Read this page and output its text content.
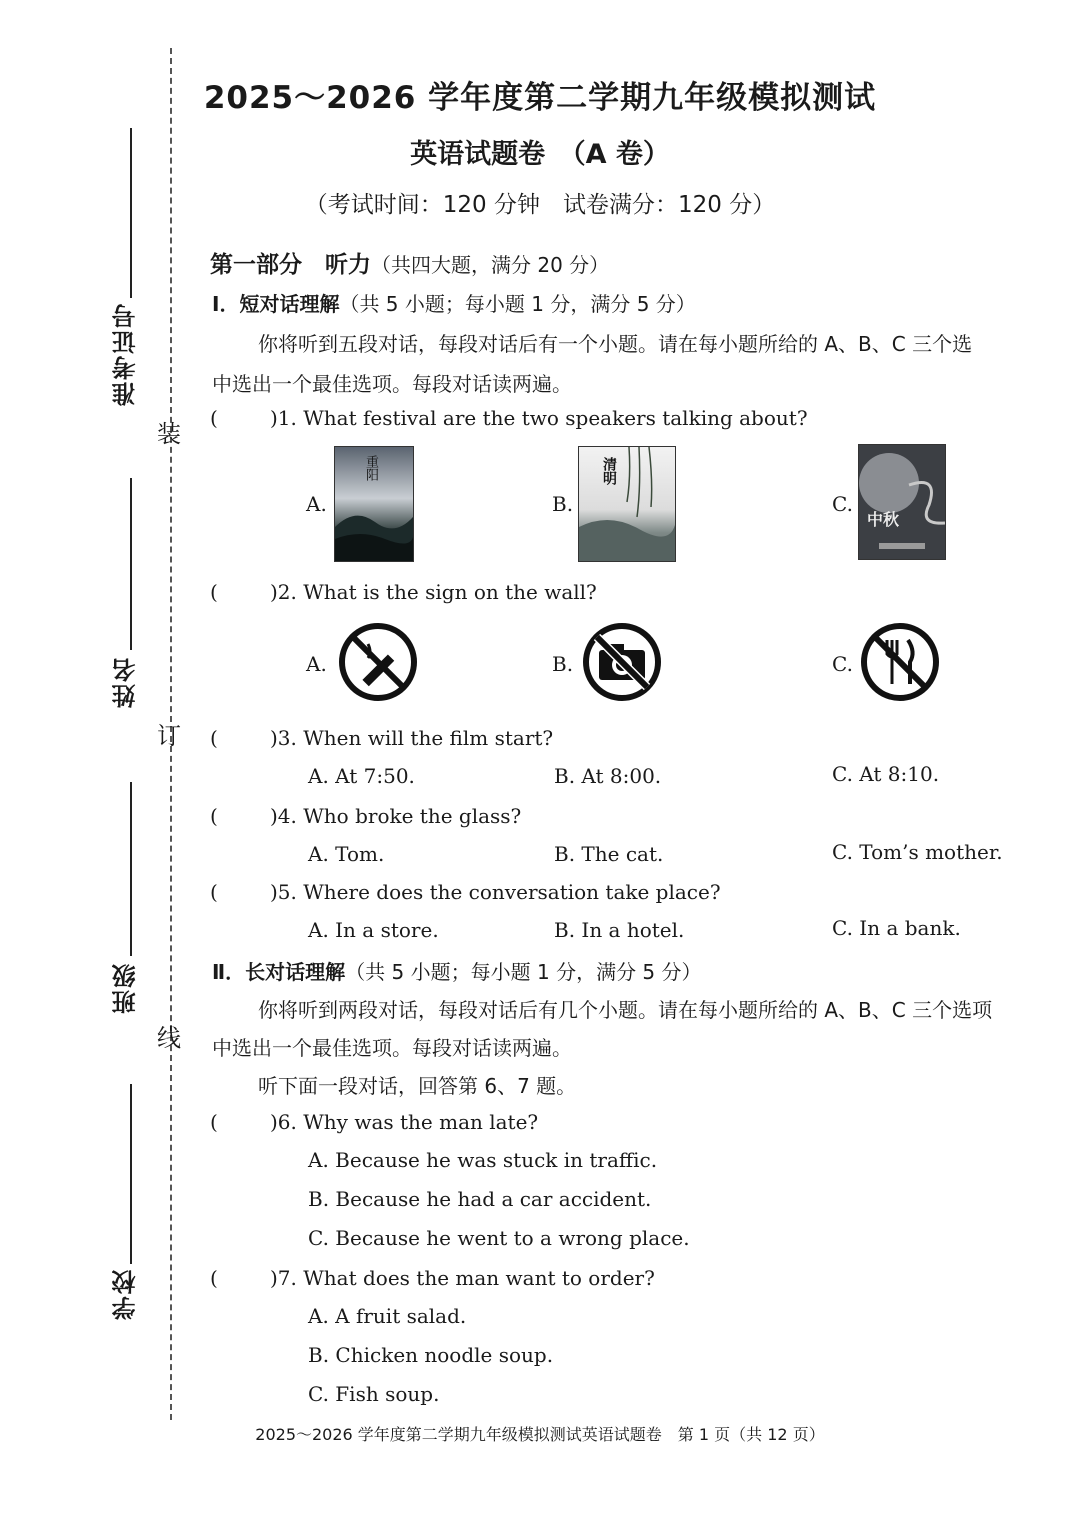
准考证号
姓名
班级
学校
装
订
线
2025～2026 学年度第二学期九年级模拟测试
英语试题卷　（A 卷）
（考试时间：120 分钟　试卷满分：120 分）
第一部分　听力（共四大题，满分 20 分）
Ⅰ．短对话理解（共 5 小题；每小题 1 分，满分 5 分）
你将听到五段对话，每段对话后有一个小题。请在每小题所给的 A、B、C 三个选
中选出一个最佳选项。每段对话读两遍。
(	)1. What festival are the two speakers talking about?
A.
重阳
B.
清明
C.
中秋
(	)2. What is the sign on the wall?
A.	B.	C.
(	)3. When will the film start?
A. At 7:50.	B. At 8:00.	C. At 8:10.
(	)4. Who broke the glass?
A. Tom.	B. The cat.	C. Tom’s mother.
(	)5. Where does the conversation take place?
A. In a store.	B. In a hotel.	C. In a bank.
Ⅱ．长对话理解（共 5 小题；每小题 1 分，满分 5 分）
你将听到两段对话，每段对话后有几个小题。请在每小题所给的 A、B、C 三个选项
中选出一个最佳选项。每段对话读两遍。
听下面一段对话，回答第 6、7 题。
(	)6. Why was the man late?
A. Because he was stuck in traffic.
B. Because he had a car accident.
C. Because he went to a wrong place.
(	)7. What does the man want to order?
A. A fruit salad.
B. Chicken noodle soup.
C. Fish soup.
2025～2026 学年度第二学期九年级模拟测试英语试题卷　第 1 页（共 12 页）
